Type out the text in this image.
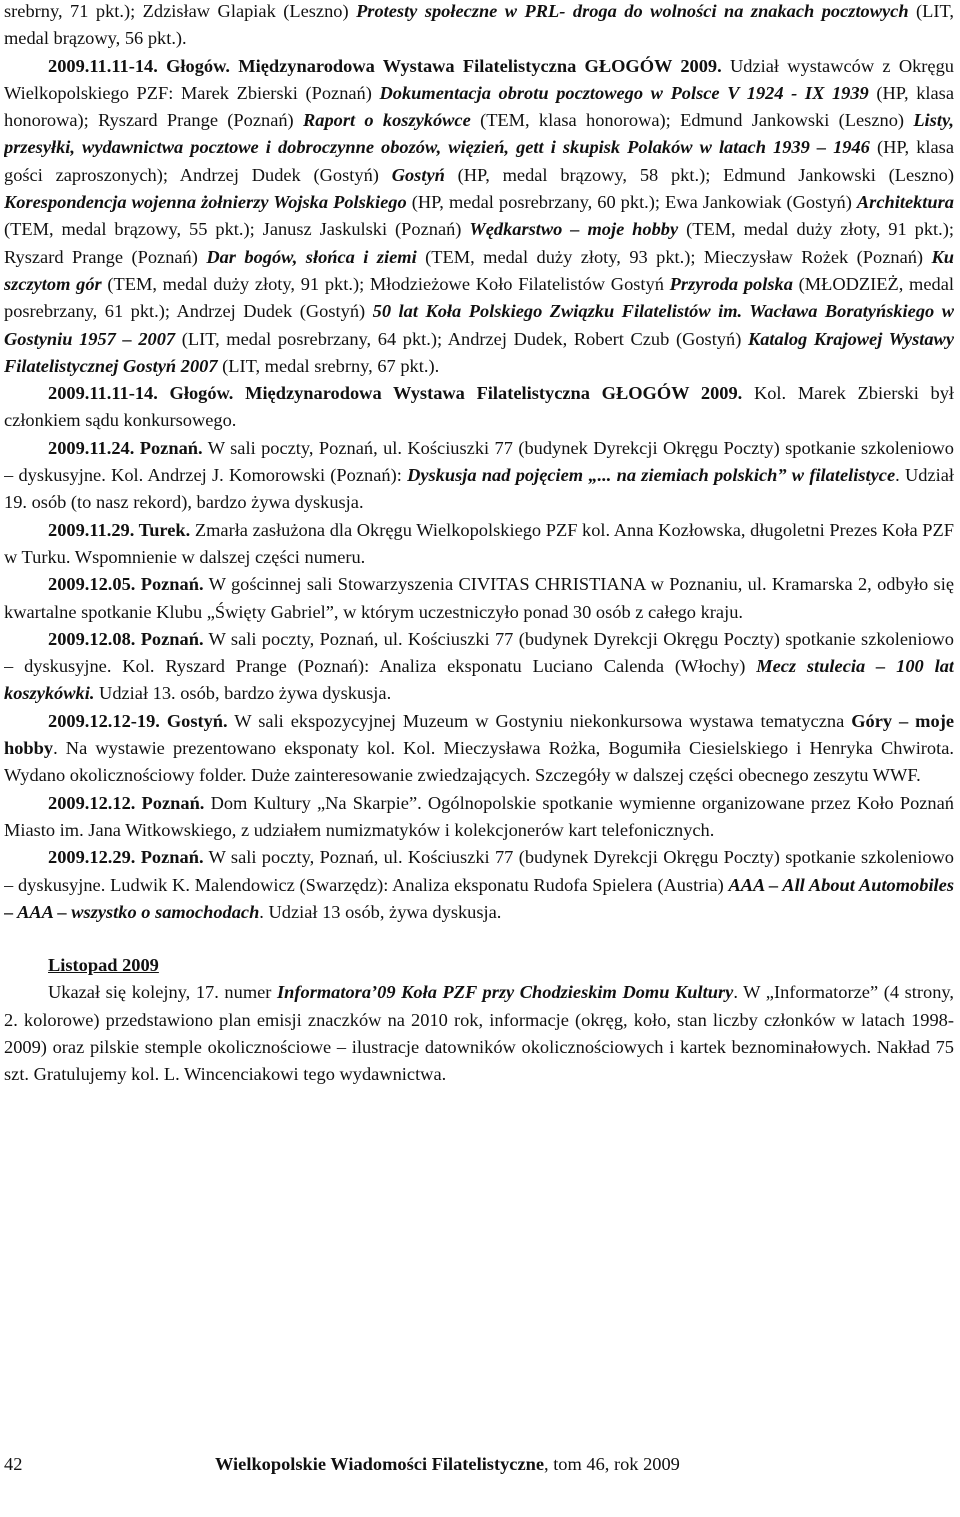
srebrny, 71 pkt.); Zdzisław Glapiak (Leszno) Protesty społeczne w PRL- droga do wolności na znakach pocztowych (LIT, medal brązowy, 56 pkt.).

2009.11.11-14. Głogów. Międzynarodowa Wystawa Filatelistyczna GŁOGÓW 2009. Udział wystawców z Okręgu Wielkopolskiego PZF: Marek Zbierski (Poznań) Dokumentacja obrotu pocztowego w Polsce V 1924 - IX 1939 (HP, klasa honorowa); Ryszard Prange (Poznań) Raport o koszykówce (TEM, klasa honorowa); Edmund Jankowski (Leszno) Listy, przesyłki, wydawnictwa pocztowe i dobroczynne obozów, więzień, gett i skupisk Polaków w latach 1939 – 1946 (HP, klasa gości zaproszonych); Andrzej Dudek (Gostyń) Gostyń (HP, medal brązowy, 58 pkt.); Edmund Jankowski (Leszno) Korespondencja wojenna żołnierzy Wojska Polskiego (HP, medal posrebrzany, 60 pkt.); Ewa Jankowiak (Gostyń) Architektura (TEM, medal brązowy, 55 pkt.); Janusz Jaskulski (Poznań) Wędkarstwo – moje hobby (TEM, medal duży złoty, 91 pkt.); Ryszard Prange (Poznań) Dar bogów, słońca i ziemi (TEM, medal duży złoty, 93 pkt.); Mieczysław Rożek (Poznań) Ku szczytom gór (TEM, medal duży złoty, 91 pkt.); Młodzieżowe Koło Filatelistów Gostyń Przyroda polska (MŁODZIEŻ, medal posrebrzany, 61 pkt.); Andrzej Dudek (Gostyń) 50 lat Koła Polskiego Związku Filatelistów im. Wacława Boratyńskiego w Gostyniu 1957 – 2007 (LIT, medal posrebrzany, 64 pkt.); Andrzej Dudek, Robert Czub (Gostyń) Katalog Krajowej Wystawy Filatelistycznej Gostyń 2007 (LIT, medal srebrny, 67 pkt.).

2009.11.11-14. Głogów. Międzynarodowa Wystawa Filatelistyczna GŁOGÓW 2009. Kol. Marek Zbierski był członkiem sądu konkursowego.

2009.11.24. Poznań. W sali poczty, Poznań, ul. Kościuszki 77 (budynek Dyrekcji Okręgu Poczty) spotkanie szkoleniowo – dyskusyjne. Kol. Andrzej J. Komorowski (Poznań): Dyskusja nad pojęciem „... na ziemiach polskich” w filatelistyce. Udział 19. osób (to nasz rekord), bardzo żywa dyskusja.

2009.11.29. Turek. Zmarła zasłużona dla Okręgu Wielkopolskiego PZF kol. Anna Kozłowska, długoletni Prezes Koła PZF w Turku. Wspomnienie w dalszej części numeru.

2009.12.05. Poznań. W gościnnej sali Stowarzyszenia CIVITAS CHRISTIANA w Poznaniu, ul. Kramarska 2, odbyło się kwartalne spotkanie Klubu „Święty Gabriel”, w którym uczestniczyło ponad 30 osób z całego kraju.

2009.12.08. Poznań. W sali poczty, Poznań, ul. Kościuszki 77 (budynek Dyrekcji Okręgu Poczty) spotkanie szkoleniowo – dyskusyjne. Kol. Ryszard Prange (Poznań): Analiza eksponatu Luciano Calenda (Włochy) Mecz stulecia – 100 lat koszykówki. Udział 13. osób, bardzo żywa dyskusja.

2009.12.12-19. Gostyń. W sali ekspozycyjnej Muzeum w Gostyniu niekonkursowa wystawa tematyczna Góry – moje hobby. Na wystawie prezentowano eksponaty kol. Kol. Mieczysława Rożka, Bogumiła Ciesielskiego i Henryka Chwirota. Wydano okolicznościowy folder. Duże zainteresowanie zwiedzających. Szczegóły w dalszej części obecnego zeszytu WWF.

2009.12.12. Poznań. Dom Kultury „Na Skarpie”. Ogólnopolskie spotkanie wymienne organizowane przez Koło Poznań Miasto im. Jana Witkowskiego, z udziałem numizmatyków i kolekcjonerów kart telefonicznych.

2009.12.29. Poznań. W sali poczty, Poznań, ul. Kościuszki 77 (budynek Dyrekcji Okręgu Poczty) spotkanie szkoleniowo – dyskusyjne. Ludwik K. Malendowicz (Swarzędz): Analiza eksponatu Rudofa Spielera (Austria) AAA – All About Automobiles – AAA – wszystko o samochodach. Udział 13 osób, żywa dyskusja.

Listopad 2009

Ukazał się kolejny, 17. numer Informatora’09 Koła PZF przy Chodzieskim Domu Kultury. W „Informatorze” (4 strony, 2. kolorowe) przedstawiono plan emisji znaczków na 2010 rok, informacje (okręg, koło, stan liczby członków w latach 1998-2009) oraz pilskie stemple okolicznościowe – ilustracje datowników okolicznościowych i kartek beznominałowych. Nakład 75 szt. Gratulujemy kol. L. Wincenciakowi tego wydawnictwa.

42	Wielkopolskie Wiadomości Filatelistyczne, tom 46, rok 2009
